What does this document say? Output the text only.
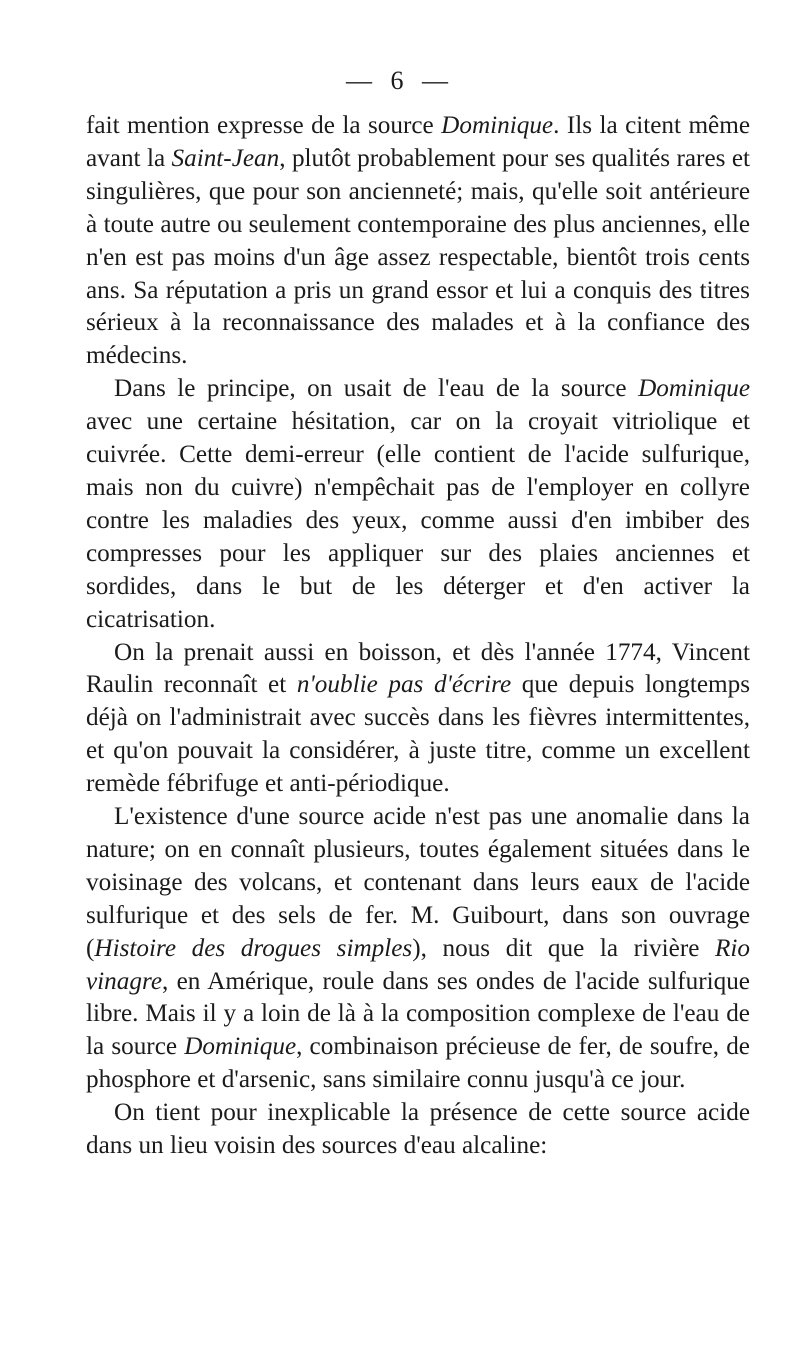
— 6 —

fait mention expresse de la source Dominique. Ils la citent même avant la Saint-Jean, plutôt probablement pour ses qualités rares et singulières, que pour son ancienneté; mais, qu'elle soit antérieure à toute autre ou seulement contemporaine des plus anciennes, elle n'en est pas moins d'un âge assez respectable, bientôt trois cents ans. Sa réputation a pris un grand essor et lui a conquis des titres sérieux à la reconnaissance des malades et à la confiance des médecins.

Dans le principe, on usait de l'eau de la source Dominique avec une certaine hésitation, car on la croyait vitriolique et cuivrée. Cette demi-erreur (elle contient de l'acide sulfurique, mais non du cuivre) n'empêchait pas de l'employer en collyre contre les maladies des yeux, comme aussi d'en imbiber des compresses pour les appliquer sur des plaies anciennes et sordides, dans le but de les déterger et d'en activer la cicatrisation.

On la prenait aussi en boisson, et dès l'année 1774, Vincent Raulin reconnaît et n'oublie pas d'écrire que depuis longtemps déjà on l'administrait avec succès dans les fièvres intermittentes, et qu'on pouvait la considérer, à juste titre, comme un excellent remède fébrifuge et anti-périodique.

L'existence d'une source acide n'est pas une anomalie dans la nature; on en connaît plusieurs, toutes également situées dans le voisinage des volcans, et contenant dans leurs eaux de l'acide sulfurique et des sels de fer. M. Guibourt, dans son ouvrage (Histoire des drogues simples), nous dit que la rivière Rio vinagre, en Amérique, roule dans ses ondes de l'acide sulfurique libre. Mais il y a loin de là à la composition complexe de l'eau de la source Dominique, combinaison précieuse de fer, de soufre, de phosphore et d'arsenic, sans similaire connu jusqu'à ce jour.

On tient pour inexplicable la présence de cette source acide dans un lieu voisin des sources d'eau alcaline:
